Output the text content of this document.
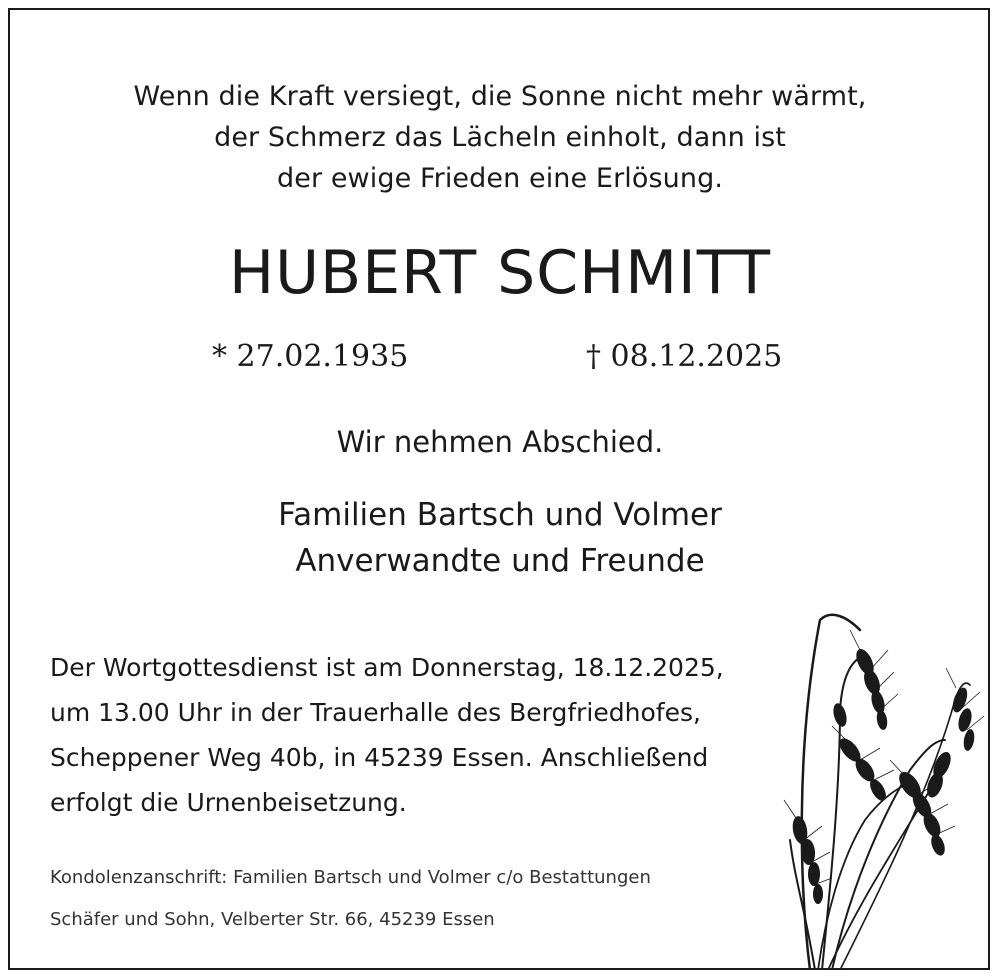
Wenn die Kraft versiegt, die Sonne nicht mehr wärmt,
der Schmerz das Lächeln einholt, dann ist
der ewige Frieden eine Erlösung.
HUBERT SCHMITT
* 27.02.1935	† 08.12.2025
Wir nehmen Abschied.
Familien Bartsch und Volmer
Anverwandte und Freunde
Der Wortgottesdienst ist am Donnerstag, 18.12.2025,
um 13.00 Uhr in der Trauerhalle des Bergfriedhofes,
Scheppener Weg 40b, in 45239 Essen. Anschließend
erfolgt die Urnenbeisetzung.
Kondolenzanschrift: Familien Bartsch und Volmer c/o Bestattungen
Schäfer und Sohn, Velberter Str. 66, 45239 Essen
